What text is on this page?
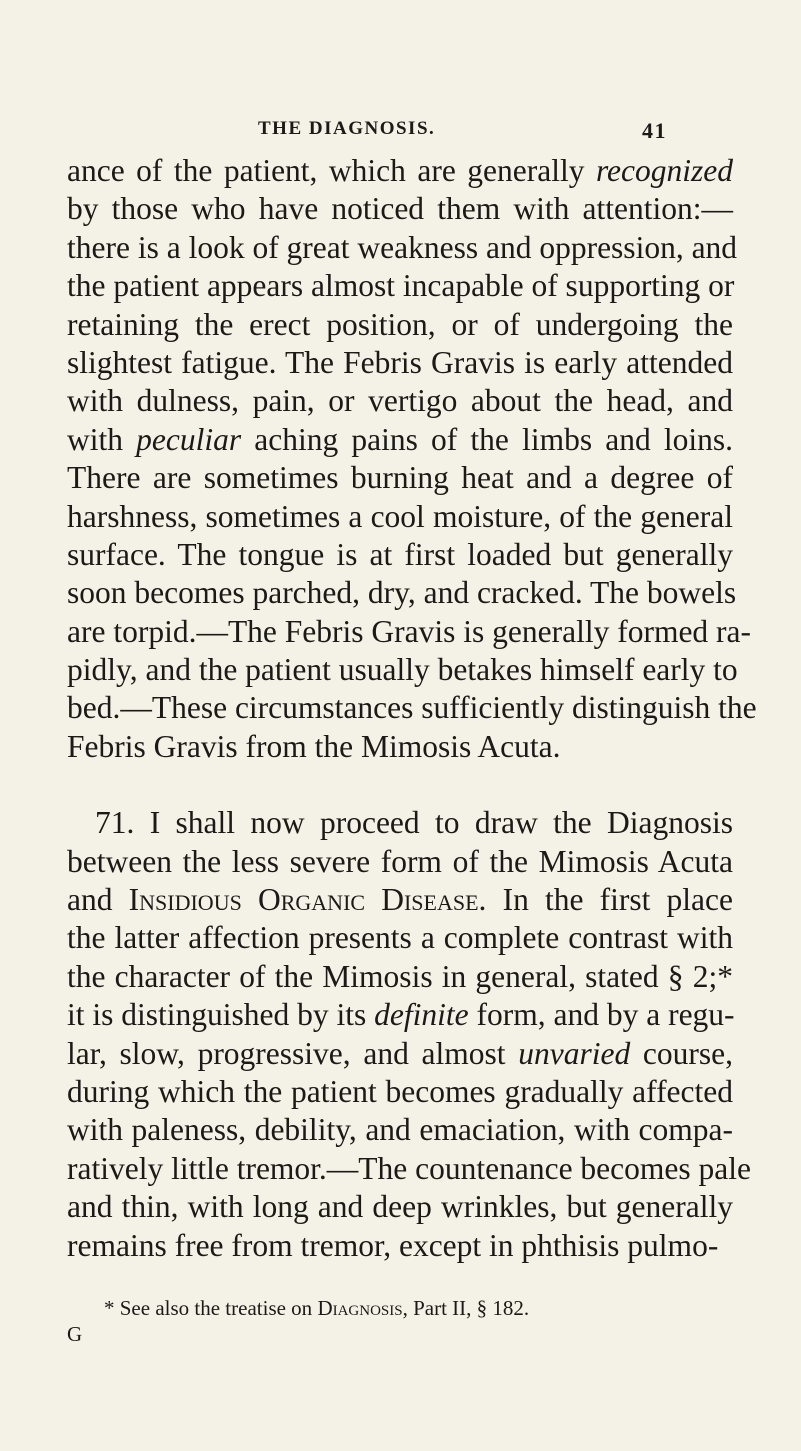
THE DIAGNOSIS.	41
ance of the patient, which are generally recognized
by those who have noticed them with attention:—
there is a look of great weakness and oppression, and
the patient appears almost incapable of supporting or
retaining the erect position, or of undergoing the
slightest fatigue. The Febris Gravis is early attended
with dulness, pain, or vertigo about the head, and
with peculiar aching pains of the limbs and loins.
There are sometimes burning heat and a degree of
harshness, sometimes a cool moisture, of the general
surface. The tongue is at first loaded but generally
soon becomes parched, dry, and cracked. The bowels
are torpid.—The Febris Gravis is generally formed ra-
pidly, and the patient usually betakes himself early to
bed.—These circumstances sufficiently distinguish the
Febris Gravis from the Mimosis Acuta.
71. I shall now proceed to draw the Diagnosis
between the less severe form of the Mimosis Acuta
and Insidious Organic Disease. In the first place
the latter affection presents a complete contrast with
the character of the Mimosis in general, stated § 2;*
it is distinguished by its definite form, and by a regu-
lar, slow, progressive, and almost unvaried course,
during which the patient becomes gradually affected
with paleness, debility, and emaciation, with compa-
ratively little tremor.—The countenance becomes pale
and thin, with long and deep wrinkles, but generally
remains free from tremor, except in phthisis pulmo-
* See also the treatise on Diagnosis, Part II, § 182.
G
